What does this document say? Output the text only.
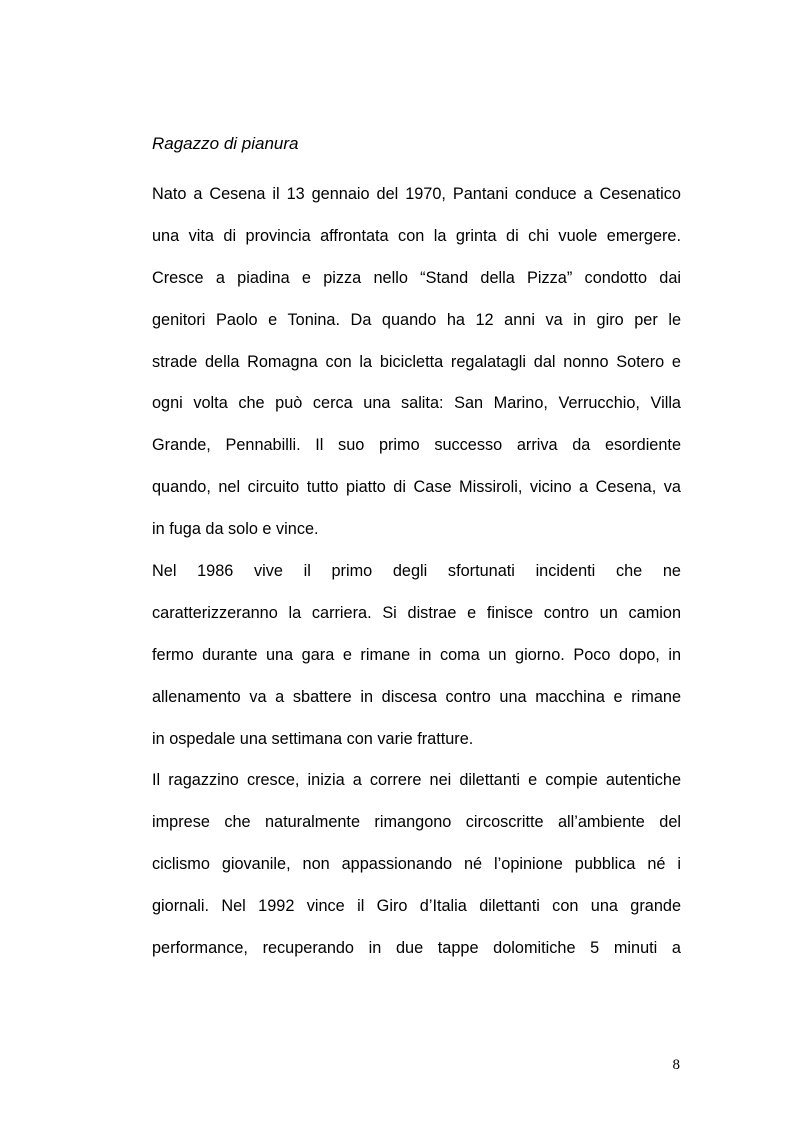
Ragazzo di pianura

Nato a Cesena il 13 gennaio del 1970, Pantani conduce a Cesenatico
una vita di provincia affrontata con la grinta di chi vuole emergere.
Cresce a piadina e pizza nello “Stand della Pizza” condotto dai
genitori Paolo e Tonina. Da quando ha 12 anni va in giro per le
strade della Romagna con la bicicletta regalatagli dal nonno Sotero e
ogni volta che può cerca una salita: San Marino, Verrucchio, Villa
Grande, Pennabilli. Il suo primo successo arriva da esordiente
quando, nel circuito tutto piatto di Case Missiroli, vicino a Cesena, va
in fuga da solo e vince.

Nel 1986 vive il primo degli sfortunati incidenti che ne
caratterizzeranno la carriera. Si distrae e finisce contro un camion
fermo durante una gara e rimane in coma un giorno. Poco dopo, in
allenamento va a sbattere in discesa contro una macchina e rimane
in ospedale una settimana con varie fratture.

Il ragazzino cresce, inizia a correre nei dilettanti e compie autentiche
imprese che naturalmente rimangono circoscritte all’ambiente del
ciclismo giovanile, non appassionando né l’opinione pubblica né i
giornali. Nel 1992 vince il Giro d’Italia dilettanti con una grande
performance, recuperando in due tappe dolomitiche 5 minuti a

8
